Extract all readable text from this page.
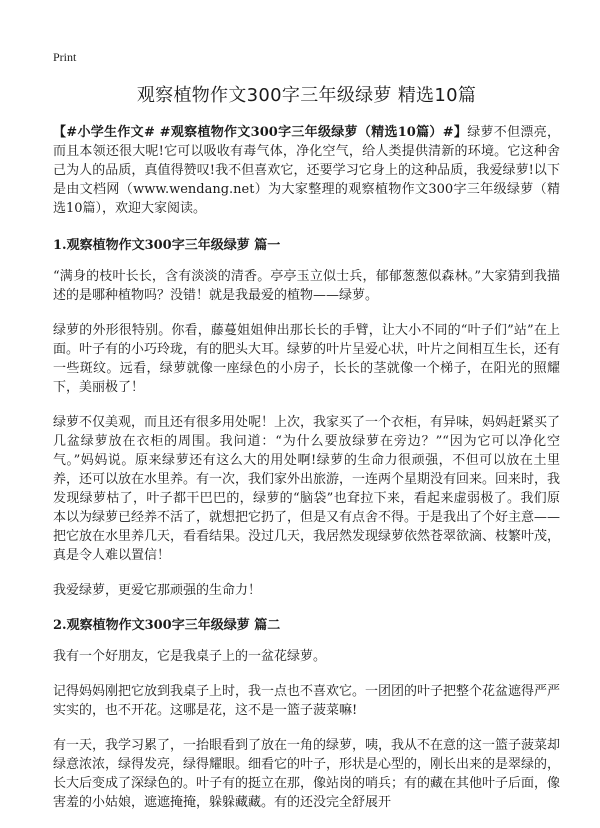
Print
观察植物作文300字三年级绿萝 精选10篇

【#小学生作文# #观察植物作文300字三年级绿萝（精选10篇）#】绿萝不但漂亮，而且本领还很大呢!它可以吸收有毒气体，净化空气，给人类提供清新的环境。它这种舍己为人的品质，真值得赞叹!我不但喜欢它，还要学习它身上的这种品质，我爱绿萝!以下是由文档网（www.wendang.net）为大家整理的观察植物作文300字三年级绿萝（精选10篇），欢迎大家阅读。

1.观察植物作文300字三年级绿萝 篇一

“满身的枝叶长长，含有淡淡的清香。亭亭玉立似士兵，郁郁葱葱似森林。”大家猜到我描述的是哪种植物吗？没错！就是我最爱的植物——绿萝。

绿萝的外形很特别。你看，藤蔓姐姐伸出那长长的手臂，让大小不同的“叶子们”站”在上面。叶子有的小巧玲珑，有的肥头大耳。绿萝的叶片呈爱心状，叶片之间相互生长，还有一些斑纹。远看，绿萝就像一座绿色的小房子，长长的茎就像一个梯子，在阳光的照耀下，美丽极了！

绿萝不仅美观，而且还有很多用处呢！上次，我家买了一个衣柜，有异味，妈妈赶紧买了几盆绿萝放在衣柜的周围。我问道：“为什么要放绿萝在旁边？”“因为它可以净化空气。”妈妈说。原来绿萝还有这么大的用处啊!绿萝的生命力很顽强，不但可以放在土里养，还可以放在水里养。有一次，我们家外出旅游，一连两个星期没有回来。回来时，我发现绿萝枯了，叶子都干巴巴的，绿萝的“脑袋”也耷拉下来，看起来虚弱极了。我们原本以为绿萝已经养不活了，就想把它扔了，但是又有点舍不得。于是我出了个好主意——把它放在水里养几天，看看结果。没过几天，我居然发现绿萝依然苍翠欲滴、枝繁叶茂，真是令人难以置信！

我爱绿萝，更爱它那顽强的生命力！

2.观察植物作文300字三年级绿萝 篇二

我有一个好朋友，它是我桌子上的一盆花绿萝。

记得妈妈刚把它放到我桌子上时，我一点也不喜欢它。一团团的叶子把整个花盆遮得严严实实的，也不开花。这哪是花，这不是一篮子菠菜嘛!

有一天，我学习累了，一抬眼看到了放在一角的绿萝，咦，我从不在意的这一篮子菠菜却绿意浓浓，绿得发亮，绿得耀眼。细看它的叶子，形状是心型的，刚长出来的是翠绿的，长大后变成了深绿色的。叶子有的挺立在那，像站岗的哨兵；有的藏在其他叶子后面，像害羞的小姑娘，遮遮掩掩，躲躲藏藏。有的还没完全舒展开
